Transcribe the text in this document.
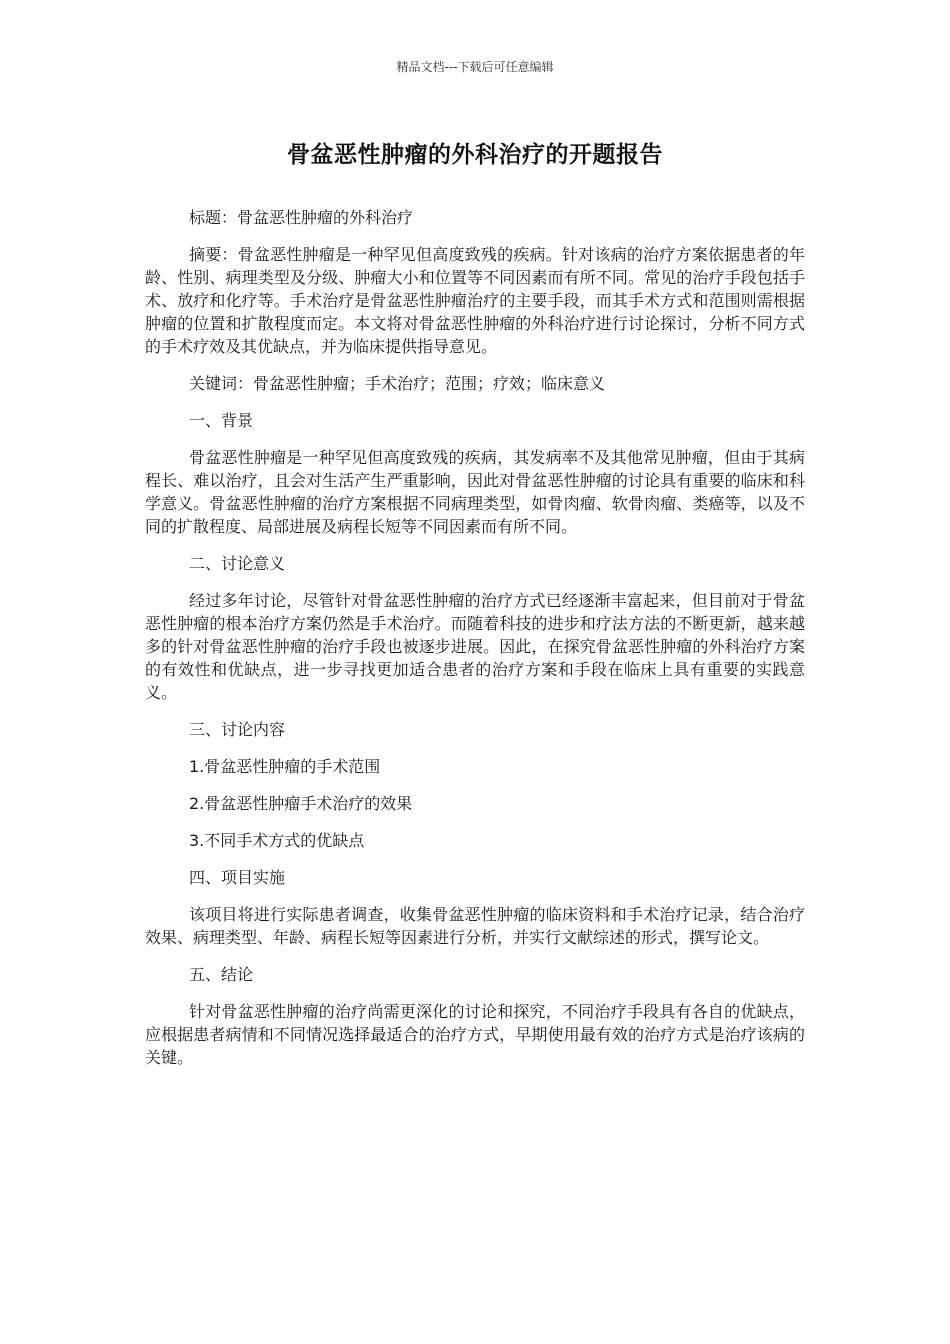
精品文档---下载后可任意编辑
骨盆恶性肿瘤的外科治疗的开题报告

标题：骨盆恶性肿瘤的外科治疗

摘要：骨盆恶性肿瘤是一种罕见但高度致残的疾病。针对该病的治疗方案依据患者的年龄、性别、病理类型及分级、肿瘤大小和位置等不同因素而有所不同。常见的治疗手段包括手术、放疗和化疗等。手术治疗是骨盆恶性肿瘤治疗的主要手段，而其手术方式和范围则需根据肿瘤的位置和扩散程度而定。本文将对骨盆恶性肿瘤的外科治疗进行讨论探讨，分析不同方式的手术疗效及其优缺点，并为临床提供指导意见。

关键词：骨盆恶性肿瘤；手术治疗；范围；疗效；临床意义

一、背景

骨盆恶性肿瘤是一种罕见但高度致残的疾病，其发病率不及其他常见肿瘤，但由于其病程长、难以治疗，且会对生活产生严重影响，因此对骨盆恶性肿瘤的讨论具有重要的临床和科学意义。骨盆恶性肿瘤的治疗方案根据不同病理类型，如骨肉瘤、软骨肉瘤、类癌等，以及不同的扩散程度、局部进展及病程长短等不同因素而有所不同。

二、讨论意义

经过多年讨论，尽管针对骨盆恶性肿瘤的治疗方式已经逐渐丰富起来，但目前对于骨盆恶性肿瘤的根本治疗方案仍然是手术治疗。而随着科技的进步和疗法方法的不断更新，越来越多的针对骨盆恶性肿瘤的治疗手段也被逐步进展。因此，在探究骨盆恶性肿瘤的外科治疗方案的有效性和优缺点，进一步寻找更加适合患者的治疗方案和手段在临床上具有重要的实践意义。

三、讨论内容

1.骨盆恶性肿瘤的手术范围

2.骨盆恶性肿瘤手术治疗的效果

3.不同手术方式的优缺点

四、项目实施

该项目将进行实际患者调查，收集骨盆恶性肿瘤的临床资料和手术治疗记录，结合治疗效果、病理类型、年龄、病程长短等因素进行分析，并实行文献综述的形式，撰写论文。

五、结论

针对骨盆恶性肿瘤的治疗尚需更深化的讨论和探究，不同治疗手段具有各自的优缺点，应根据患者病情和不同情况选择最适合的治疗方式，早期使用最有效的治疗方式是治疗该病的关键。
